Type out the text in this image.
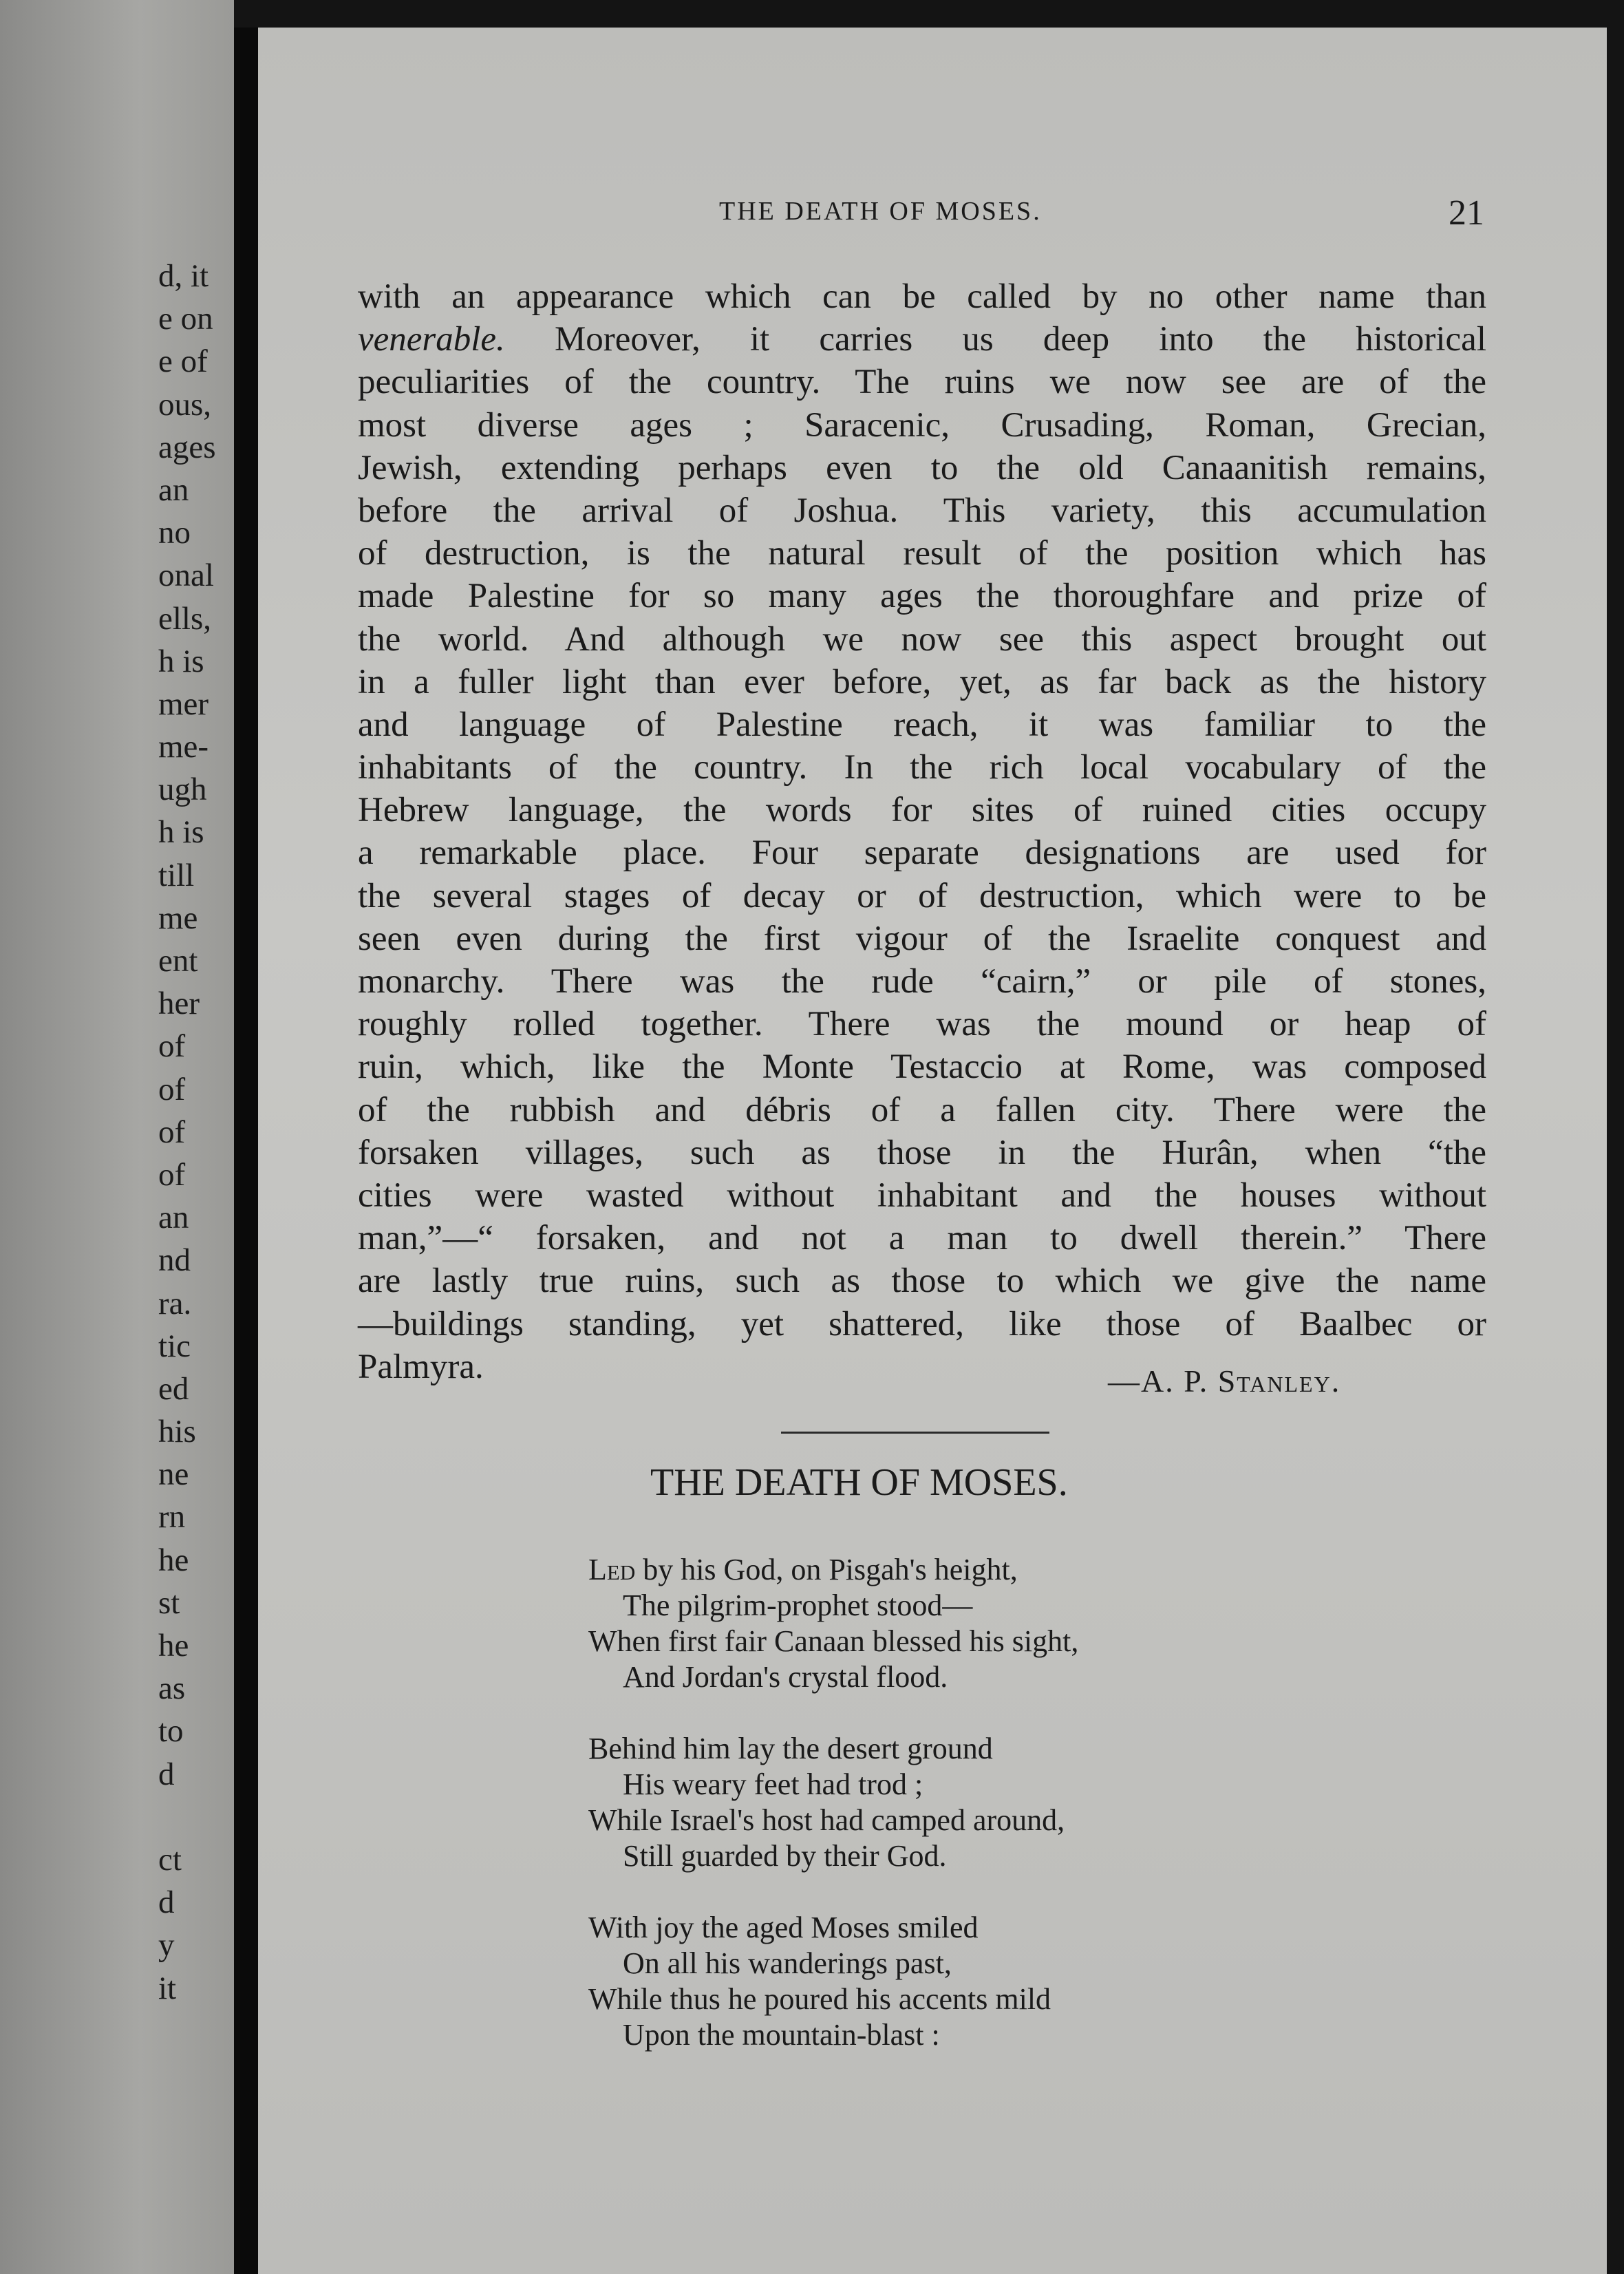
d, it
e on
e of
ous,
ages
an
no
onal
ells,
h is
mer
me-
ugh
h is
till
me
ent
her
of
of
of
of
an
nd
ra.
tic
ed
his
ne
rn
he
st
he
as
to
d
ct
d
y
it
THE DEATH OF MOSES.	21
with an appearance which can be called by no other name than
venerable. Moreover, it carries us deep into the historical
peculiarities of the country. The ruins we now see are of the
most diverse ages ; Saracenic, Crusading, Roman, Grecian,
Jewish, extending perhaps even to the old Canaanitish remains,
before the arrival of Joshua. This variety, this accumulation
of destruction, is the natural result of the position which has
made Palestine for so many ages the thoroughfare and prize of
the world. And although we now see this aspect brought out
in a fuller light than ever before, yet, as far back as the history
and language of Palestine reach, it was familiar to the
inhabitants of the country. In the rich local vocabulary of the
Hebrew language, the words for sites of ruined cities occupy
a remarkable place. Four separate designations are used for
the several stages of decay or of destruction, which were to be
seen even during the first vigour of the Israelite conquest and
monarchy. There was the rude “cairn,” or pile of stones,
roughly rolled together. There was the mound or heap of
ruin, which, like the Monte Testaccio at Rome, was composed
of the rubbish and débris of a fallen city. There were the
forsaken villages, such as those in the Hurân, when “the
cities were wasted without inhabitant and the houses without
man,”—“ forsaken, and not a man to dwell therein.” There
are lastly true ruins, such as those to which we give the name
—buildings standing, yet shattered, like those of Baalbec or
Palmyra.	—A. P. Stanley.
THE DEATH OF MOSES.
Led by his God, on Pisgah's height,
The pilgrim-prophet stood—
When first fair Canaan blessed his sight,
And Jordan's crystal flood.
Behind him lay the desert ground
His weary feet had trod ;
While Israel's host had camped around,
Still guarded by their God.
With joy the aged Moses smiled
On all his wanderings past,
While thus he poured his accents mild
Upon the mountain-blast :
